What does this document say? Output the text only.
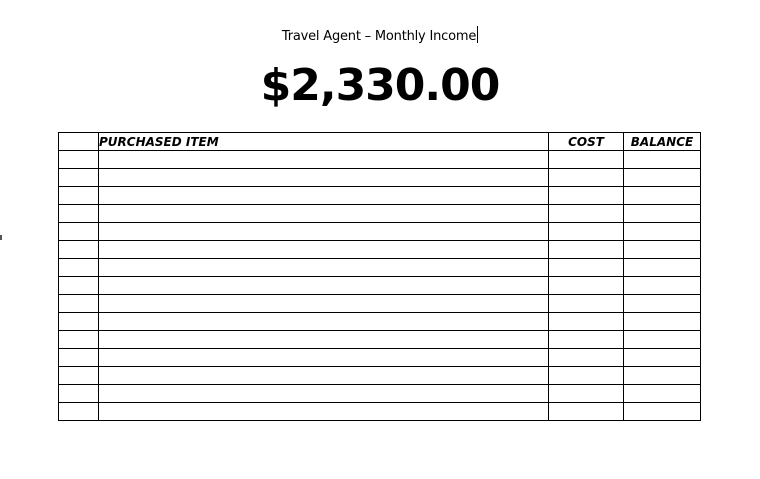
Travel Agent – Monthly Income
$2,330.00
	PURCHASED ITEM	COST	BALANCE
